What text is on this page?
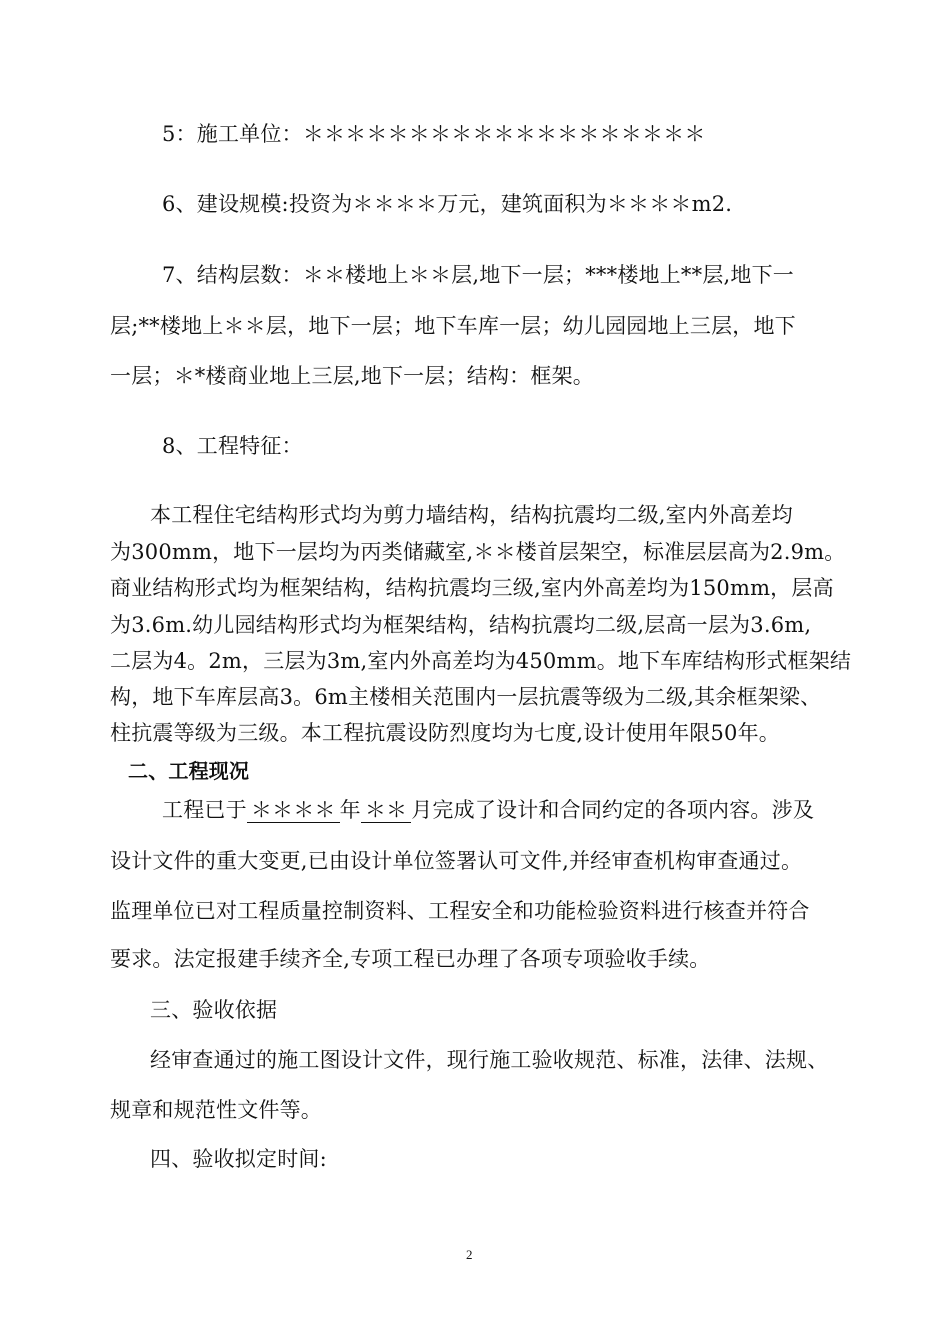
5：施工单位：＊＊＊＊＊＊＊＊＊＊＊＊＊＊＊＊＊＊＊
6、建设规模:投资为＊＊＊＊万元，建筑面积为＊＊＊＊m2.
7、结构层数：＊＊楼地上＊＊层,地下一层；***楼地上**层,地下一
层;**楼地上＊＊层，地下一层；地下车库一层；幼儿园园地上三层，地下
一层；＊*楼商业地上三层,地下一层；结构：框架。
8、工程特征：
本工程住宅结构形式均为剪力墙结构，结构抗震均二级,室内外高差均
为300mm，地下一层均为丙类储藏室,＊＊楼首层架空，标准层层高为2.9m。
商业结构形式均为框架结构，结构抗震均三级,室内外高差均为150mm，层高
为3.6m.幼儿园结构形式均为框架结构，结构抗震均二级,层高一层为3.6m,
二层为4。2m，三层为3m,室内外高差均为450mm。地下车库结构形式框架结
构，地下车库层高3。6m主楼相关范围内一层抗震等级为二级,其余框架梁、
柱抗震等级为三级。本工程抗震设防烈度均为七度,设计使用年限50年。
二、工程现况
工程已于 ＊＊＊＊ 年 ＊＊ 月完成了设计和合同约定的各项内容。涉及
设计文件的重大变更,已由设计单位签署认可文件,并经审查机构审查通过。
监理单位已对工程质量控制资料、工程安全和功能检验资料进行核查并符合
要求。法定报建手续齐全,专项工程已办理了各项专项验收手续。
三、验收依据
经审查通过的施工图设计文件，现行施工验收规范、标准，法律、法规、
规章和规范性文件等。
四、验收拟定时间:
2
